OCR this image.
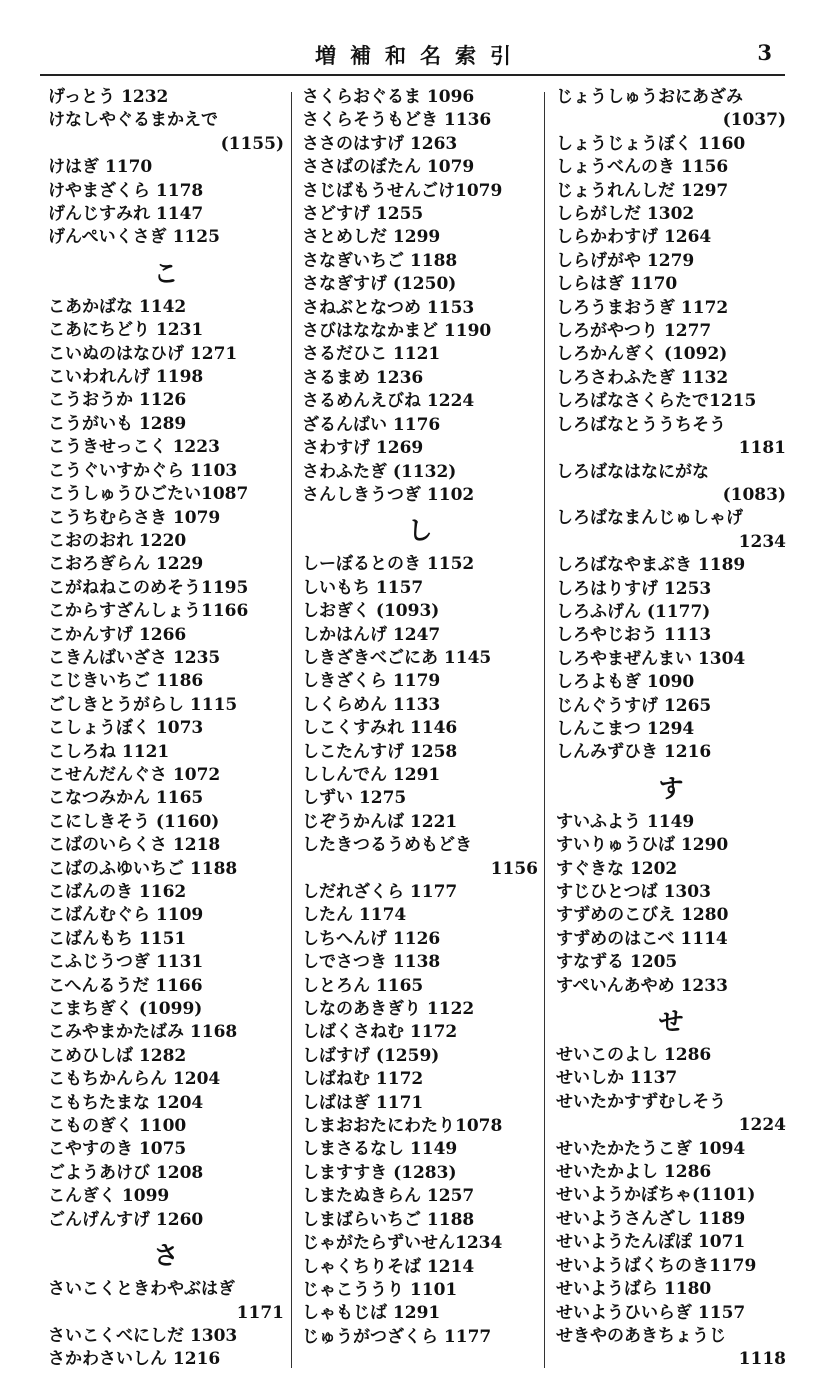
増補和名索引	3
げっとう 1232
けなしやぐるまかえで
(1155)
けはぎ 1170
けやまざくら 1178
げんじすみれ 1147
げんぺいくさぎ 1125
こ
こあかばな 1142
こあにちどり 1231
こいぬのはなひげ 1271
こいわれんげ 1198
こうおうか 1126
こうがいも 1289
こうきせっこく 1223
こうぐいすかぐら 1103
こうしゅうひごたい1087
こうちむらさき 1079
こおのおれ 1220
こおろぎらん 1229
こがねねこのめそう1195
こからすざんしょう1166
こかんすげ 1266
こきんばいざさ 1235
こじきいちご 1186
ごしきとうがらし 1115
こしょうぼく 1073
こしろね 1121
こせんだんぐさ 1072
こなつみかん 1165
こにしきそう (1160)
こばのいらくさ 1218
こばのふゆいちご 1188
こばんのき 1162
こばんむぐら 1109
こばんもち 1151
こふじうつぎ 1131
こへんるうだ 1166
こまちぎく (1099)
こみやまかたばみ 1168
こめひしば 1282
こもちかんらん 1204
こもちたまな 1204
こものぎく 1100
こやすのき 1075
ごようあけび 1208
こんぎく 1099
ごんげんすげ 1260
さ
さいこくときわやぶはぎ
1171
さいこくべにしだ 1303
さかわさいしん 1216
さくらおぐるま 1096
さくらそうもどき 1136
ささのはすげ 1263
ささばのぼたん 1079
さじばもうせんごけ1079
さどすげ 1255
さとめしだ 1299
さなぎいちご 1188
さなぎすげ (1250)
さねぶとなつめ 1153
さびはななかまど 1190
さるだひこ 1121
さるまめ 1236
さるめんえびね 1224
ざるんばい 1176
さわすげ 1269
さわふたぎ (1132)
さんしきうつぎ 1102
し
しーぼるとのき 1152
しいもち 1157
しおぎく (1093)
しかはんげ 1247
しきざきべごにあ 1145
しきざくら 1179
しくらめん 1133
しこくすみれ 1146
しこたんすげ 1258
ししんでん 1291
しずい 1275
じぞうかんば 1221
したきつるうめもどき
1156
しだれざくら 1177
したん 1174
しちへんげ 1126
しでさつき 1138
しとろん 1165
しなのあきぎり 1122
しばくさねむ 1172
しばすげ (1259)
しばねむ 1172
しばはぎ 1171
しまおおたにわたり1078
しまさるなし 1149
しますすき (1283)
しまたぬきらん 1257
しまばらいちご 1188
じゃがたらずいせん1234
しゃくちりそば 1214
じゃこううり 1101
しゃもじば 1291
じゅうがつざくら 1177
じょうしゅうおにあざみ
(1037)
しょうじょうぼく 1160
しょうべんのき 1156
じょうれんしだ 1297
しらがしだ 1302
しらかわすげ 1264
しらげがや 1279
しらはぎ 1170
しろうまおうぎ 1172
しろがやつり 1277
しろかんぎく (1092)
しろさわふたぎ 1132
しろばなさくらたで1215
しろばなとううちそう
1181
しろばなはなにがな
(1083)
しろばなまんじゅしゃげ
1234
しろばなやまぶき 1189
しろはりすげ 1253
しろふげん (1177)
しろやじおう 1113
しろやまぜんまい 1304
しろよもぎ 1090
じんぐうすげ 1265
しんこまつ 1294
しんみずひき 1216
す
すいふよう 1149
すいりゅうひば 1290
すぐきな 1202
すじひとつば 1303
すずめのこびえ 1280
すずめのはこべ 1114
すなずる 1205
すぺいんあやめ 1233
せ
せいこのよし 1286
せいしか 1137
せいたかすずむしそう
1224
せいたかたうこぎ 1094
せいたかよし 1286
せいようかぼちゃ(1101)
せいようさんざし 1189
せいようたんぽぽ 1071
せいようばくちのき1179
せいようばら 1180
せいようひいらぎ 1157
せきやのあきちょうじ
1118
